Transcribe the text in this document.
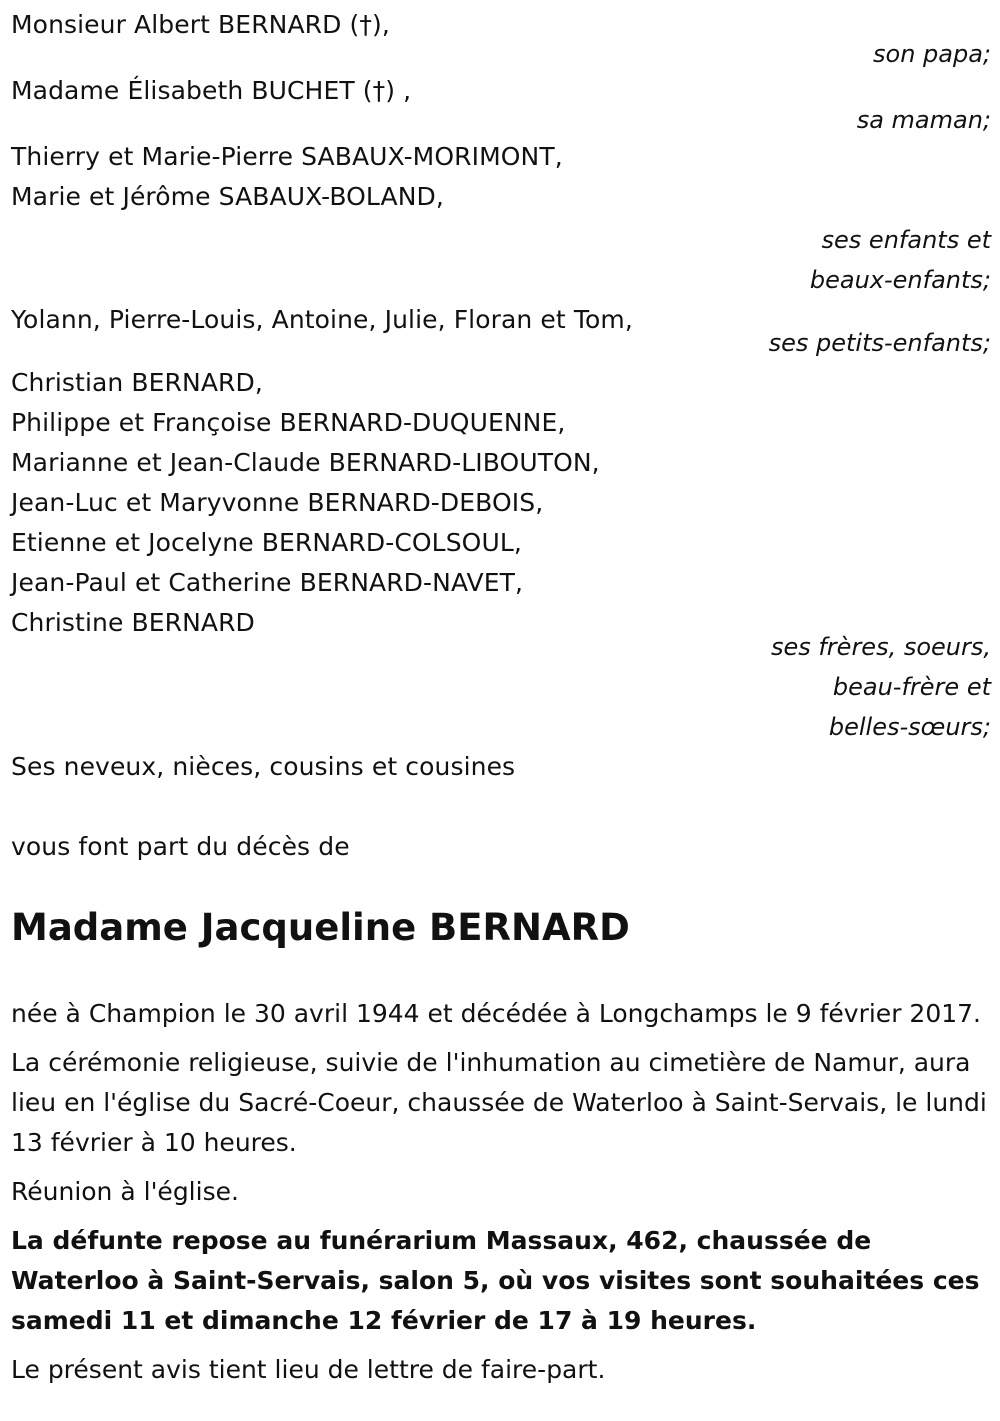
Monsieur Albert BERNARD (†),
son papa;
Madame Élisabeth BUCHET (†) ,
sa maman;
Thierry et Marie-Pierre SABAUX-MORIMONT,
Marie et Jérôme SABAUX-BOLAND,
ses enfants et
beaux-enfants;
Yolann, Pierre-Louis, Antoine, Julie, Floran et Tom,
ses petits-enfants;
Christian BERNARD,
Philippe et Françoise BERNARD-DUQUENNE,
Marianne et Jean-Claude BERNARD-LIBOUTON,
Jean-Luc et Maryvonne BERNARD-DEBOIS,
Etienne et Jocelyne BERNARD-COLSOUL,
Jean-Paul et Catherine BERNARD-NAVET,
Christine BERNARD
ses frères, soeurs,
beau-frère et
belles-sœurs;
Ses neveux, nièces, cousins et cousines
vous font part du décès de
Madame Jacqueline BERNARD
née à Champion le 30 avril 1944 et décédée à Longchamps le 9 février 2017.
La cérémonie religieuse, suivie de l'inhumation au cimetière de Namur, aura lieu en l'église du Sacré-Coeur, chaussée de Waterloo à Saint-Servais, le lundi 13 février à 10 heures.
Réunion à l'église.
La défunte repose au funérarium Massaux, 462, chaussée de Waterloo à Saint-Servais, salon 5, où vos visites sont souhaitées ces samedi 11 et dimanche 12 février de 17 à 19 heures.
Le présent avis tient lieu de lettre de faire-part.
